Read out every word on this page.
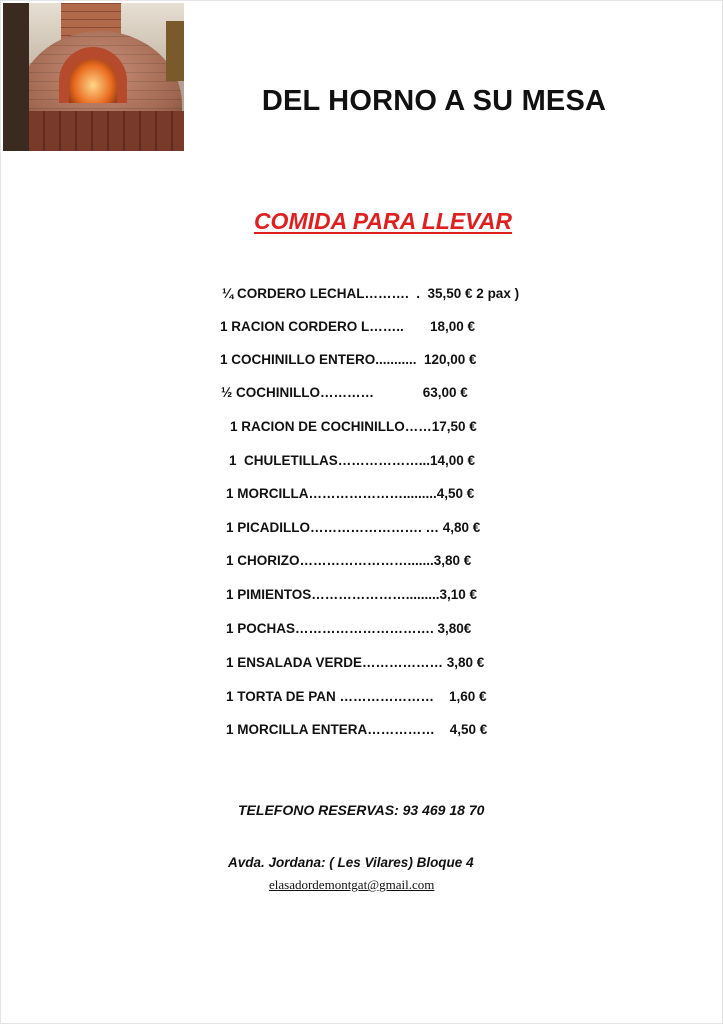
DEL HORNO A SU MESA
COMIDA PARA LLEVAR
¼ CORDERO LECHAL……….  .  35,50 € 2 pax )
1 RACION CORDERO L……..       18,00 €
1 COCHINILLO ENTERO...........  120,00 €
½ COCHINILLO…………             63,00 €
1 RACION DE COCHINILLO……17,50 €
1  CHULETILLAS………………...14,00 €
1 MORCILLA………………….........4,50 €
1 PICADILLO……………………. … 4,80 €
1 CHORIZO…………………….......3,80 €
1 PIMIENTOS………………….........3,10 €
1 POCHAS…………………………. 3,80€
1 ENSALADA VERDE……………… 3,80 €
1 TORTA DE PAN …………………    1,60 €
1 MORCILLA ENTERA……………    4,50 €
TELEFONO RESERVAS: 93 469 18 70
Avda. Jordana: ( Les Vilares) Bloque 4
elasadordemontgat@gmail.com
